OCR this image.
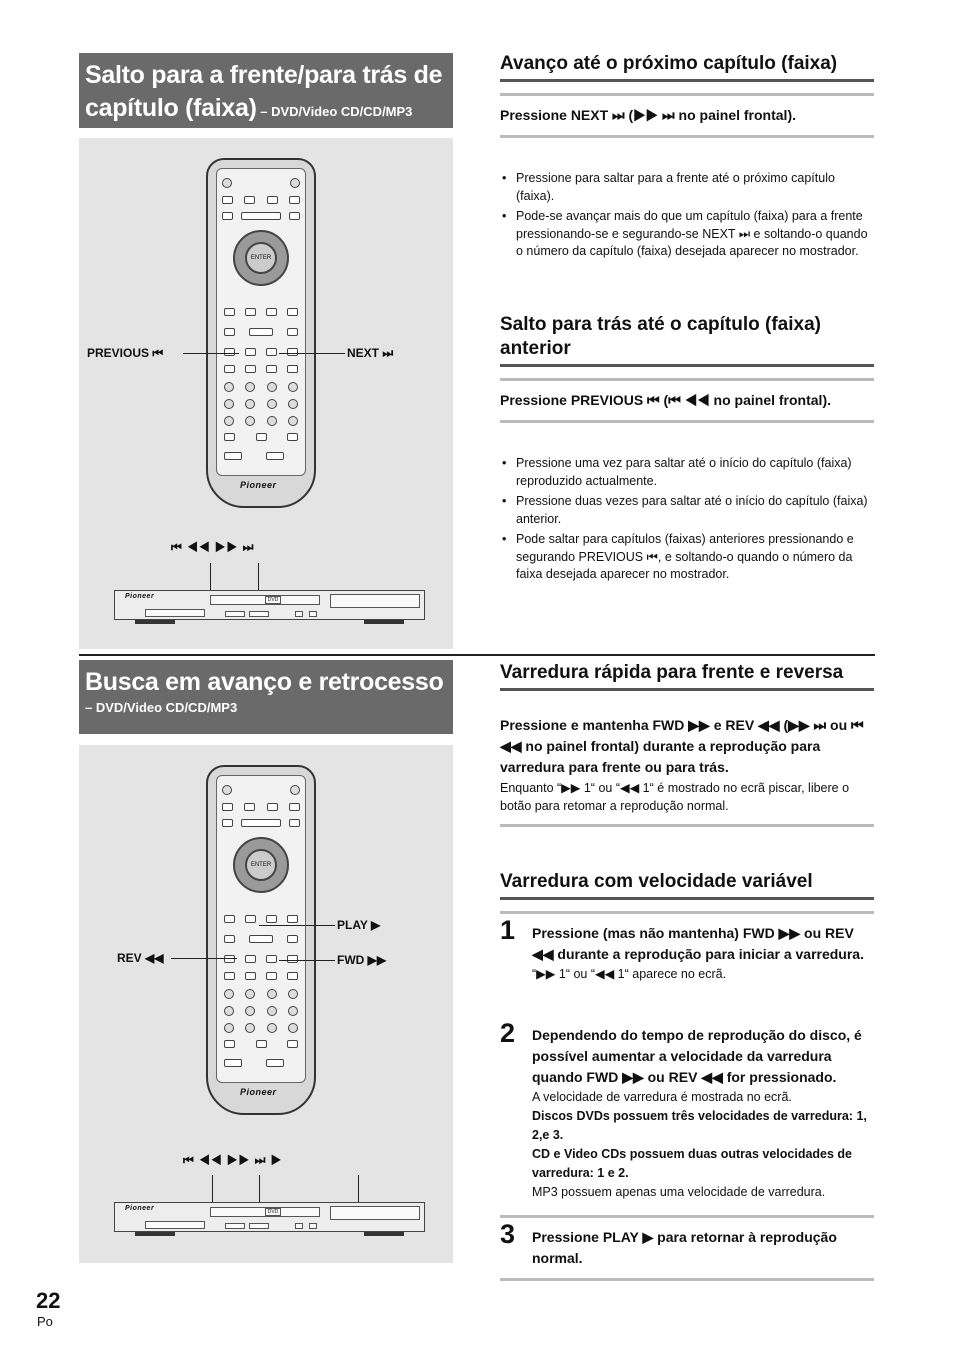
Salto para a frente/para trás de capítulo (faixa) – DVD/Video CD/CD/MP3
ENTER
Pioneer
PREVIOUS ⏮	NEXT ⏭
⏮ ◀◀ ▶▶ ⏭
Pioneer	DVD
Avanço até o próximo capítulo (faixa)
Pressione NEXT ⏭ (▶▶ ⏭ no painel frontal).
• Pressione para saltar para a frente até o próximo capítulo (faixa).
• Pode-se avançar mais do que um capítulo (faixa) para a frente pressionando-se e segurando-se NEXT ⏭ e soltando-o quando o número da capítulo (faixa) desejada aparecer no mostrador.
Salto para trás até o capítulo (faixa) anterior
Pressione PREVIOUS ⏮ (⏮ ◀◀ no painel frontal).
• Pressione uma vez para saltar até o início do capítulo (faixa) reproduzido actualmente.
• Pressione duas vezes para saltar até o início do capítulo (faixa) anterior.
• Pode saltar para capítulos (faixas) anteriores pressionando e segurando PREVIOUS ⏮, e soltando-o quando o número da faixa desejada aparecer no mostrador.
Busca em avanço e retrocesso – DVD/Video CD/CD/MP3
ENTER
Pioneer
PLAY ▶
REV ◀◀	FWD ▶▶
⏮ ◀◀ ▶▶ ⏭ ▶
Pioneer	DVD
Varredura rápida para frente e reversa
Pressione e mantenha FWD ▶▶ e REV ◀◀ (▶▶ ⏭ ou ⏮ ◀◀ no painel frontal) durante a reprodução para varredura para frente ou para trás.
Enquanto “▶▶ 1“ ou “◀◀ 1“ é mostrado no ecrã piscar, libere o botão para retomar a reprodução normal.
Varredura com velocidade variável
1 Pressione (mas não mantenha) FWD ▶▶ ou REV ◀◀ durante a reprodução para iniciar a varredura.
“▶▶ 1“ ou “◀◀ 1“ aparece no ecrã.
2 Dependendo do tempo de reprodução do disco, é possível aumentar a velocidade da varredura quando FWD ▶▶ ou REV ◀◀ for pressionado.
A velocidade de varredura é mostrada no ecrã.
Discos DVDs possuem três velocidades de varredura: 1, 2,e 3.
CD e Video CDs possuem duas outras velocidades de varredura: 1 e 2.
MP3 possuem apenas uma velocidade de varredura.
3 Pressione PLAY ▶ para retornar à reprodução normal.
22
Po
